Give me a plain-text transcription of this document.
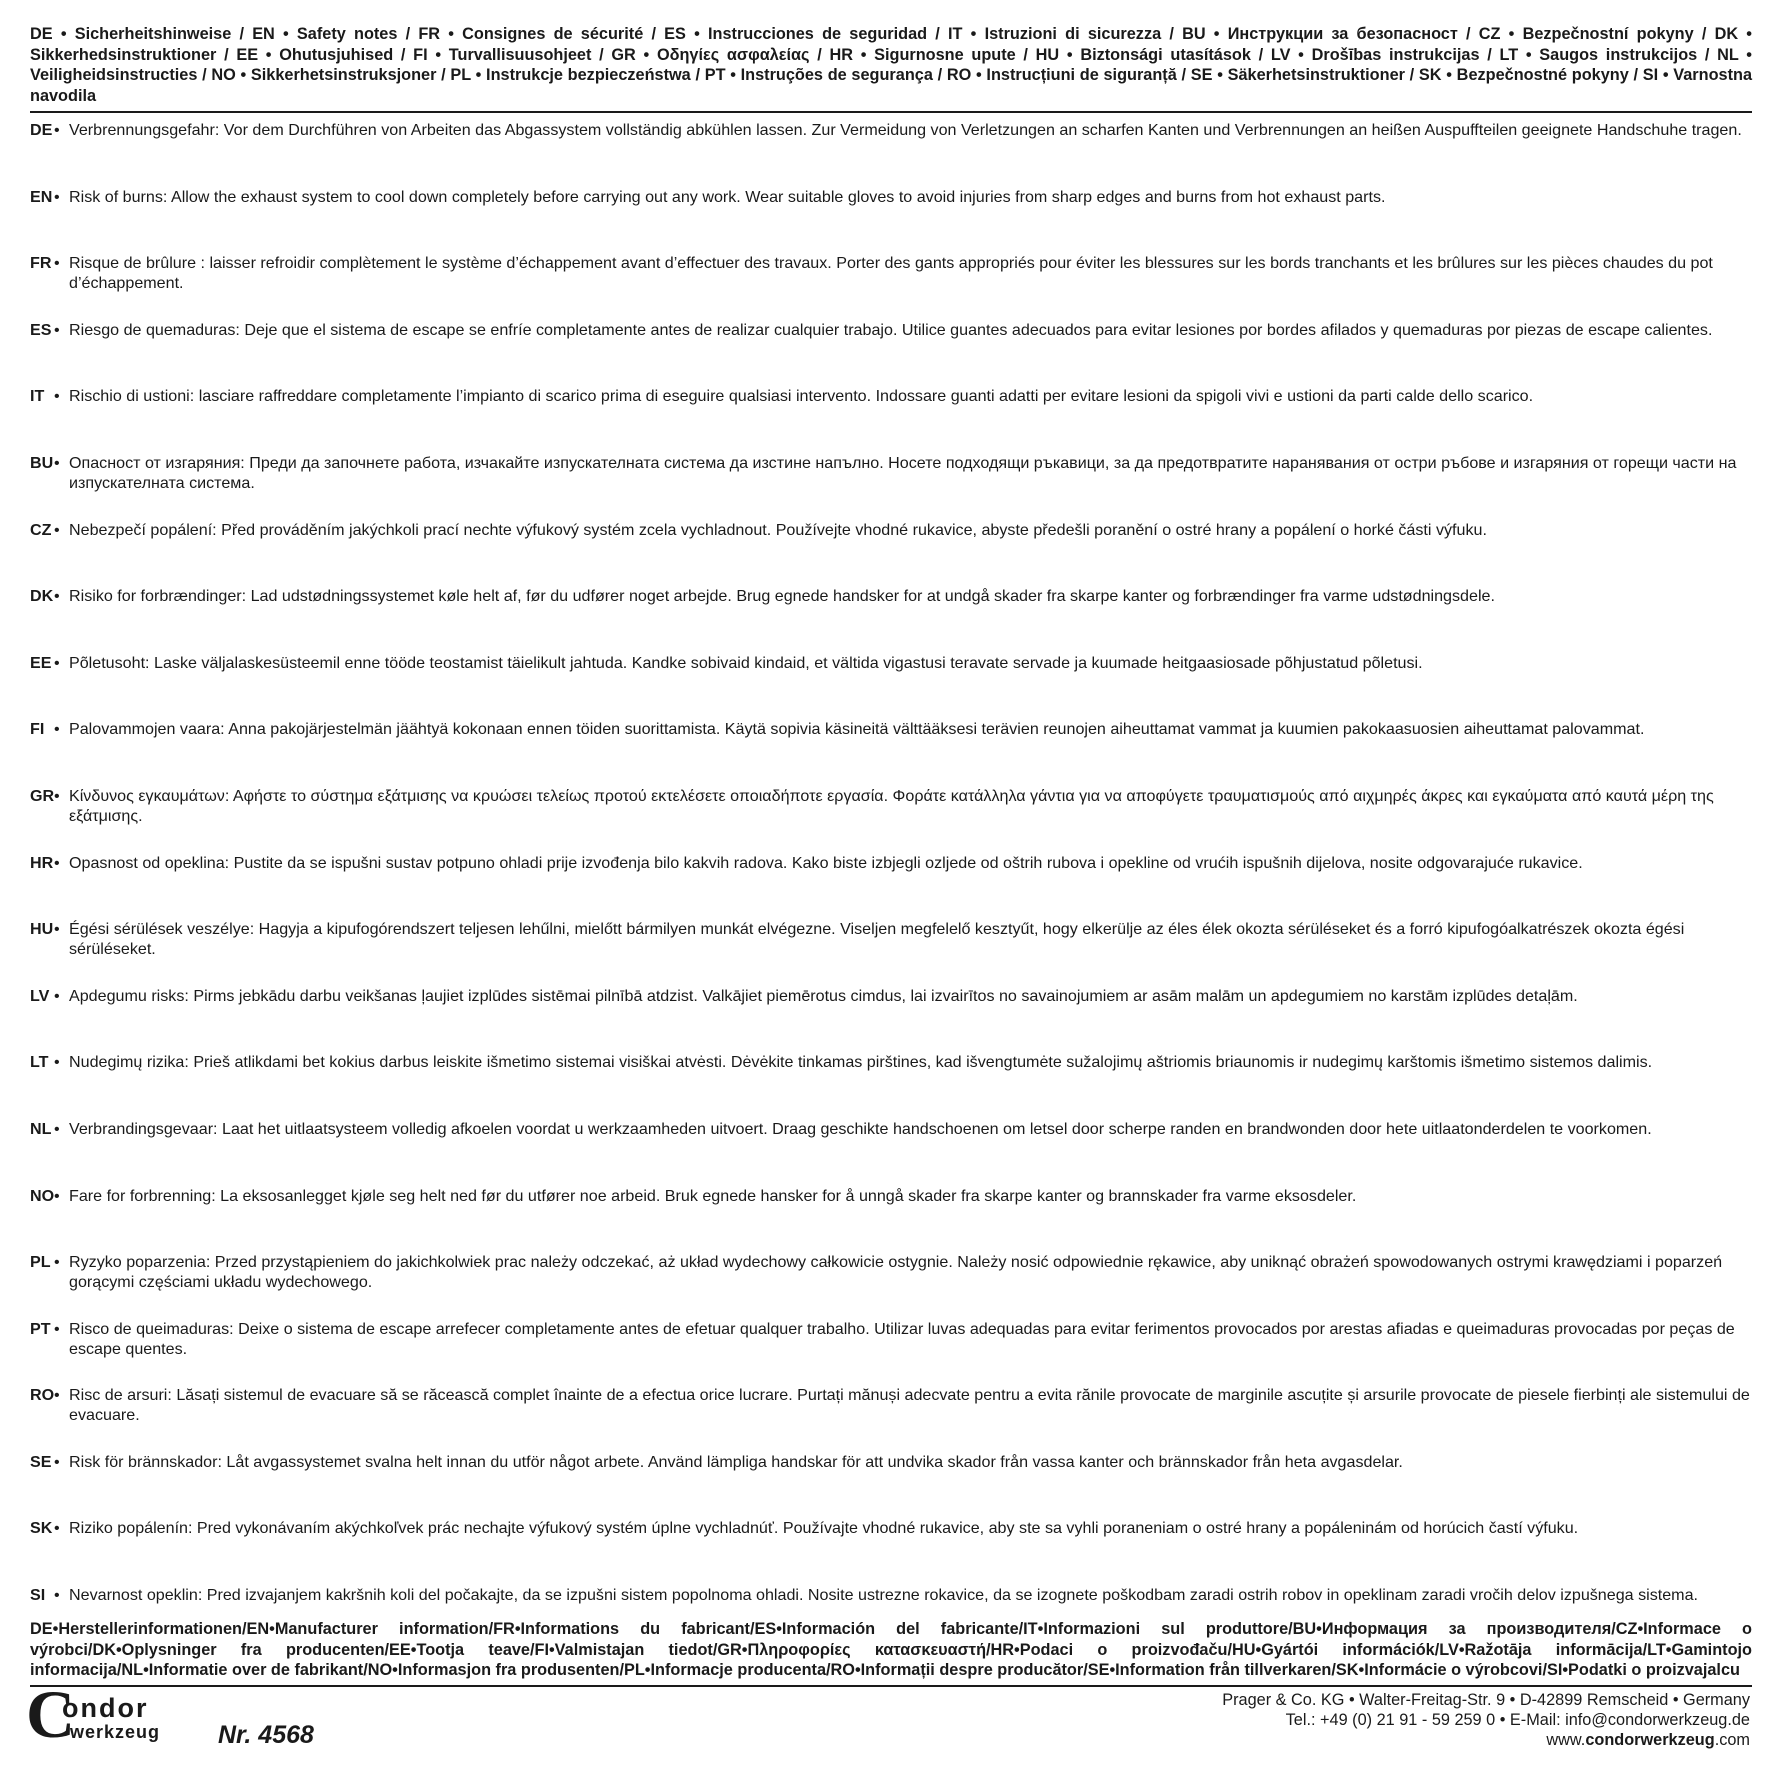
DE • Sicherheitshinweise / EN • Safety notes / FR • Consignes de sécurité / ES • Instrucciones de seguridad / IT • Istruzioni di sicurezza / BU • Инструкции за безопасност / CZ • Bezpečnostní pokyny / DK • Sikkerhedsinstruktioner / EE • Ohutusjuhised / FI • Turvallisuusohjeet / GR • Οδηγίες ασφαλείας / HR • Sigurnosne upute / HU • Biztonsági utasítások / LV • Drošības instrukcijas / LT • Saugos instrukcijos / NL • Veiligheidsinstructies / NO • Sikkerhetsinstruksjoner / PL • Instrukcje bezpieczeństwa / PT • Instruções de segurança / RO • Instrucțiuni de siguranță / SE • Säkerhetsinstruktioner / SK • Bezpečnostné pokyny / SI • Varnostna navodila
DE • Verbrennungsgefahr: Vor dem Durchführen von Arbeiten das Abgassystem vollständig abkühlen lassen. Zur Vermeidung von Verletzungen an scharfen Kanten und Verbrennungen an heißen Auspuffteilen geeignete Handschuhe tragen.
EN • Risk of burns: Allow the exhaust system to cool down completely before carrying out any work. Wear suitable gloves to avoid injuries from sharp edges and burns from hot exhaust parts.
FR • Risque de brûlure : laisser refroidir complètement le système d’échappement avant d’effectuer des travaux. Porter des gants appropriés pour éviter les blessures sur les bords tranchants et les brûlures sur les pièces chaudes du pot d’échappement.
ES • Riesgo de quemaduras: Deje que el sistema de escape se enfríe completamente antes de realizar cualquier trabajo. Utilice guantes adecuados para evitar lesiones por bordes afilados y quemaduras por piezas de escape calientes.
IT • Rischio di ustioni: lasciare raffreddare completamente l’impianto di scarico prima di eseguire qualsiasi intervento. Indossare guanti adatti per evitare lesioni da spigoli vivi e ustioni da parti calde dello scarico.
BU • Опасност от изгаряния: Преди да започнете работа, изчакайте изпускателната система да изстине напълно. Носете подходящи ръкавици, за да предотвратите наранявания от остри ръбове и изгаряния от горещи части на изпускателната система.
CZ • Nebezpečí popálení: Před prováděním jakýchkoli prací nechte výfukový systém zcela vychladnout. Používejte vhodné rukavice, abyste předešli poranění o ostré hrany a popálení o horké části výfuku.
DK • Risiko for forbrændinger: Lad udstødningssystemet køle helt af, før du udfører noget arbejde. Brug egnede handsker for at undgå skader fra skarpe kanter og forbrændinger fra varme udstødningsdele.
EE • Põletusoht: Laske väljalaskesüsteemil enne tööde teostamist täielikult jahtuda. Kandke sobivaid kindaid, et vältida vigastusi teravate servade ja kuumade heitgaasiosade põhjustatud põletusi.
FI • Palovammojen vaara: Anna pakojärjestelmän jäähtyä kokonaan ennen töiden suorittamista. Käytä sopivia käsineitä välttääksesi terävien reunojen aiheuttamat vammat ja kuumien pakokaasuosien aiheuttamat palovammat.
GR • Κίνδυνος εγκαυμάτων: Αφήστε το σύστημα εξάτμισης να κρυώσει τελείως προτού εκτελέσετε οποιαδήποτε εργασία. Φοράτε κατάλληλα γάντια για να αποφύγετε τραυματισμούς από αιχμηρές άκρες και εγκαύματα από καυτά μέρη της εξάτμισης.
HR • Opasnost od opeklina: Pustite da se ispušni sustav potpuno ohladi prije izvođenja bilo kakvih radova. Kako biste izbjegli ozljede od oštrih rubova i opekline od vrućih ispušnih dijelova, nosite odgovarajuće rukavice.
HU • Égési sérülések veszélye: Hagyja a kipufogórendszert teljesen lehűlni, mielőtt bármilyen munkát elvégezne. Viseljen megfelelő kesztyűt, hogy elkerülje az éles élek okozta sérüléseket és a forró kipufogóalkatrészek okozta égési sérüléseket.
LV • Apdegumu risks: Pirms jebkādu darbu veikšanas ļaujiet izplūdes sistēmai pilnībā atdzist. Valkājiet piemērotus cimdus, lai izvairītos no savainojumiem ar asām malām un apdegumiem no karstām izplūdes detaļām.
LT • Nudegimų rizika: Prieš atlikdami bet kokius darbus leiskite išmetimo sistemai visiškai atvėsti. Dėvėkite tinkamas pirštines, kad išvengtumėte sužalojimų aštriomis briaunomis ir nudegimų karštomis išmetimo sistemos dalimis.
NL • Verbrandingsgevaar: Laat het uitlaatsysteem volledig afkoelen voordat u werkzaamheden uitvoert. Draag geschikte handschoenen om letsel door scherpe randen en brandwonden door hete uitlaatonderdelen te voorkomen.
NO • Fare for forbrenning: La eksosanlegget kjøle seg helt ned før du utfører noe arbeid. Bruk egnede hansker for å unngå skader fra skarpe kanter og brannskader fra varme eksosdeler.
PL • Ryzyko poparzenia: Przed przystąpieniem do jakichkolwiek prac należy odczekać, aż układ wydechowy całkowicie ostygnie. Należy nosić odpowiednie rękawice, aby uniknąć obrażeń spowodowanych ostrymi krawędziami i poparzeń gorącymi częściami układu wydechowego.
PT • Risco de queimaduras: Deixe o sistema de escape arrefecer completamente antes de efetuar qualquer trabalho. Utilizar luvas adequadas para evitar ferimentos provocados por arestas afiadas e queimaduras provocadas por peças de escape quentes.
RO • Risc de arsuri: Lăsați sistemul de evacuare să se răcească complet înainte de a efectua orice lucrare. Purtați mănuși adecvate pentru a evita rănile provocate de marginile ascuțite și arsurile provocate de piesele fierbinți ale sistemului de evacuare.
SE • Risk för brännskador: Låt avgassystemet svalna helt innan du utför något arbete. Använd lämpliga handskar för att undvika skador från vassa kanter och brännskador från heta avgasdelar.
SK • Riziko popálenín: Pred vykonávaním akýchkoľvek prác nechajte výfukový systém úplne vychladnúť. Používajte vhodné rukavice, aby ste sa vyhli poraneniam o ostré hrany a popáleninám od horúcich častí výfuku.
SI • Nevarnost opeklin: Pred izvajanjem kakršnih koli del počakajte, da se izpušni sistem popolnoma ohladi. Nosite ustrezne rokavice, da se izognete poškodbam zaradi ostrih robov in opeklinam zaradi vročih delov izpušnega sistema.
DE•Herstellerinformationen/EN•Manufacturer information/FR•Informations du fabricant/ES•Información del fabricante/IT•Informazioni sul produttore/BU•Информация за производителя/CZ•Informace o výrobci/DK•Oplysninger fra producenten/EE•Tootja teave/FI•Valmistajan tiedot/GR•Πληροφορίες κατασκευαστή/HR•Podaci o proizvođaču/HU•Gyártói információk/LV•Ražotāja informācija/LT•Gamintojo informacija/NL•Informatie over de fabrikant/NO•Informasjon fra produsenten/PL•Informacje producenta/RO•Informații despre producător/SE•Information från tillverkaren/SK•Informácie o výrobcovi/SI•Podatki o proizvajalcu
C
ondor
werkzeug Nr. 4568
Prager & Co. KG • Walter-Freitag-Str. 9 • D-42899 Remscheid • Germany
Tel.: +49 (0) 21 91 - 59 259 0 • E-Mail: info@condorwerkzeug.de
www.condorwerkzeug.com
